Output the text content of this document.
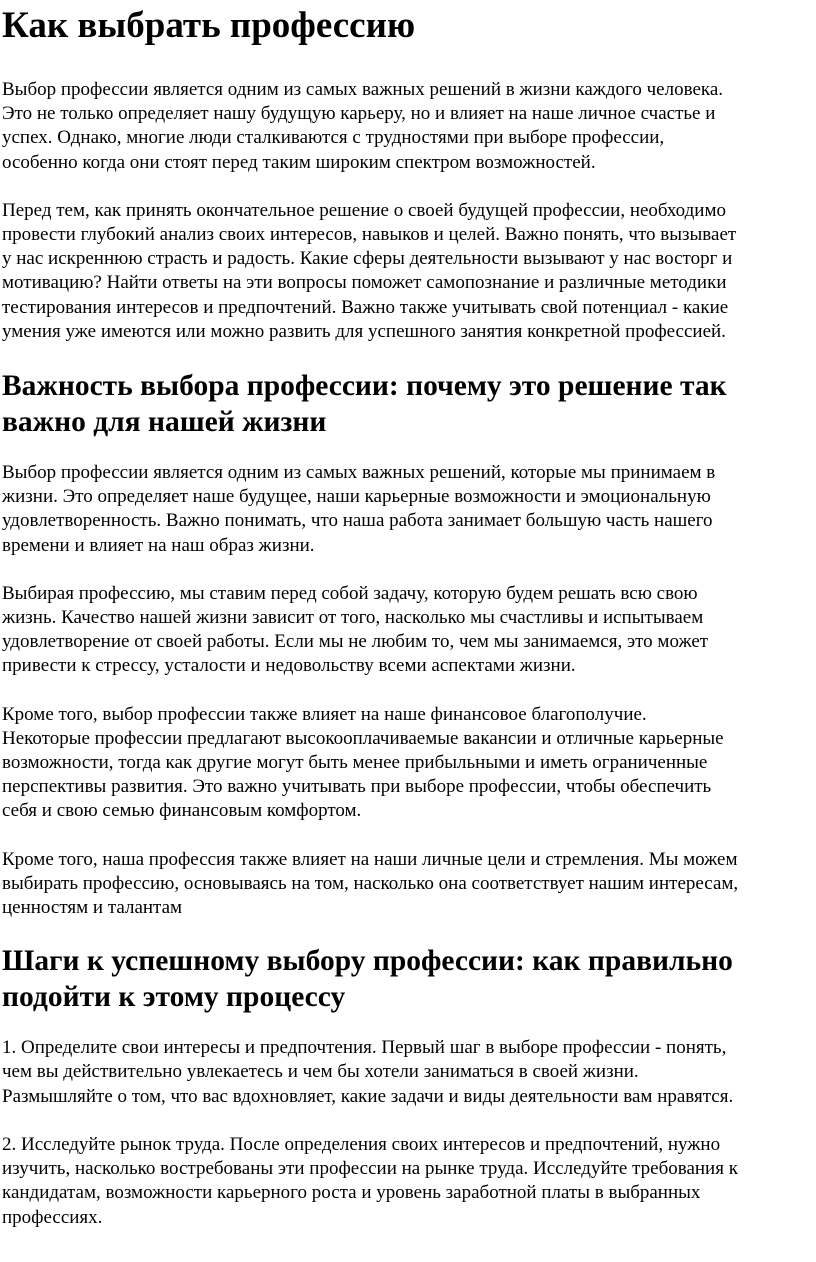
Как выбрать профессию

Выбор профессии является одним из самых важных решений в жизни каждого человека.
Это не только определяет нашу будущую карьеру, но и влияет на наше личное счастье и
успех. Однако, многие люди сталкиваются с трудностями при выборе профессии,
особенно когда они стоят перед таким широким спектром возможностей.

Перед тем, как принять окончательное решение о своей будущей профессии, необходимо
провести глубокий анализ своих интересов, навыков и целей. Важно понять, что вызывает
у нас искреннюю страсть и радость. Какие сферы деятельности вызывают у нас восторг и
мотивацию? Найти ответы на эти вопросы поможет самопознание и различные методики
тестирования интересов и предпочтений. Важно также учитывать свой потенциал - какие
умения уже имеются или можно развить для успешного занятия конкретной профессией.

Важность выбора профессии: почему это решение так
важно для нашей жизни

Выбор профессии является одним из самых важных решений, которые мы принимаем в
жизни. Это определяет наше будущее, наши карьерные возможности и эмоциональную
удовлетворенность. Важно понимать, что наша работа занимает большую часть нашего
времени и влияет на наш образ жизни.

Выбирая профессию, мы ставим перед собой задачу, которую будем решать всю свою
жизнь. Качество нашей жизни зависит от того, насколько мы счастливы и испытываем
удовлетворение от своей работы. Если мы не любим то, чем мы занимаемся, это может
привести к стрессу, усталости и недовольству всеми аспектами жизни.

Кроме того, выбор профессии также влияет на наше финансовое благополучие.
Некоторые профессии предлагают высокооплачиваемые вакансии и отличные карьерные
возможности, тогда как другие могут быть менее прибыльными и иметь ограниченные
перспективы развития. Это важно учитывать при выборе профессии, чтобы обеспечить
себя и свою семью финансовым комфортом.

Кроме того, наша профессия также влияет на наши личные цели и стремления. Мы можем
выбирать профессию, основываясь на том, насколько она соответствует нашим интересам,
ценностям и талантам

Шаги к успешному выбору профессии: как правильно
подойти к этому процессу

1. Определите свои интересы и предпочтения. Первый шаг в выборе профессии - понять,
чем вы действительно увлекаетесь и чем бы хотели заниматься в своей жизни.
Размышляйте о том, что вас вдохновляет, какие задачи и виды деятельности вам нравятся.

2. Исследуйте рынок труда. После определения своих интересов и предпочтений, нужно
изучить, насколько востребованы эти профессии на рынке труда. Исследуйте требования к
кандидатам, возможности карьерного роста и уровень заработной платы в выбранных
профессиях.
